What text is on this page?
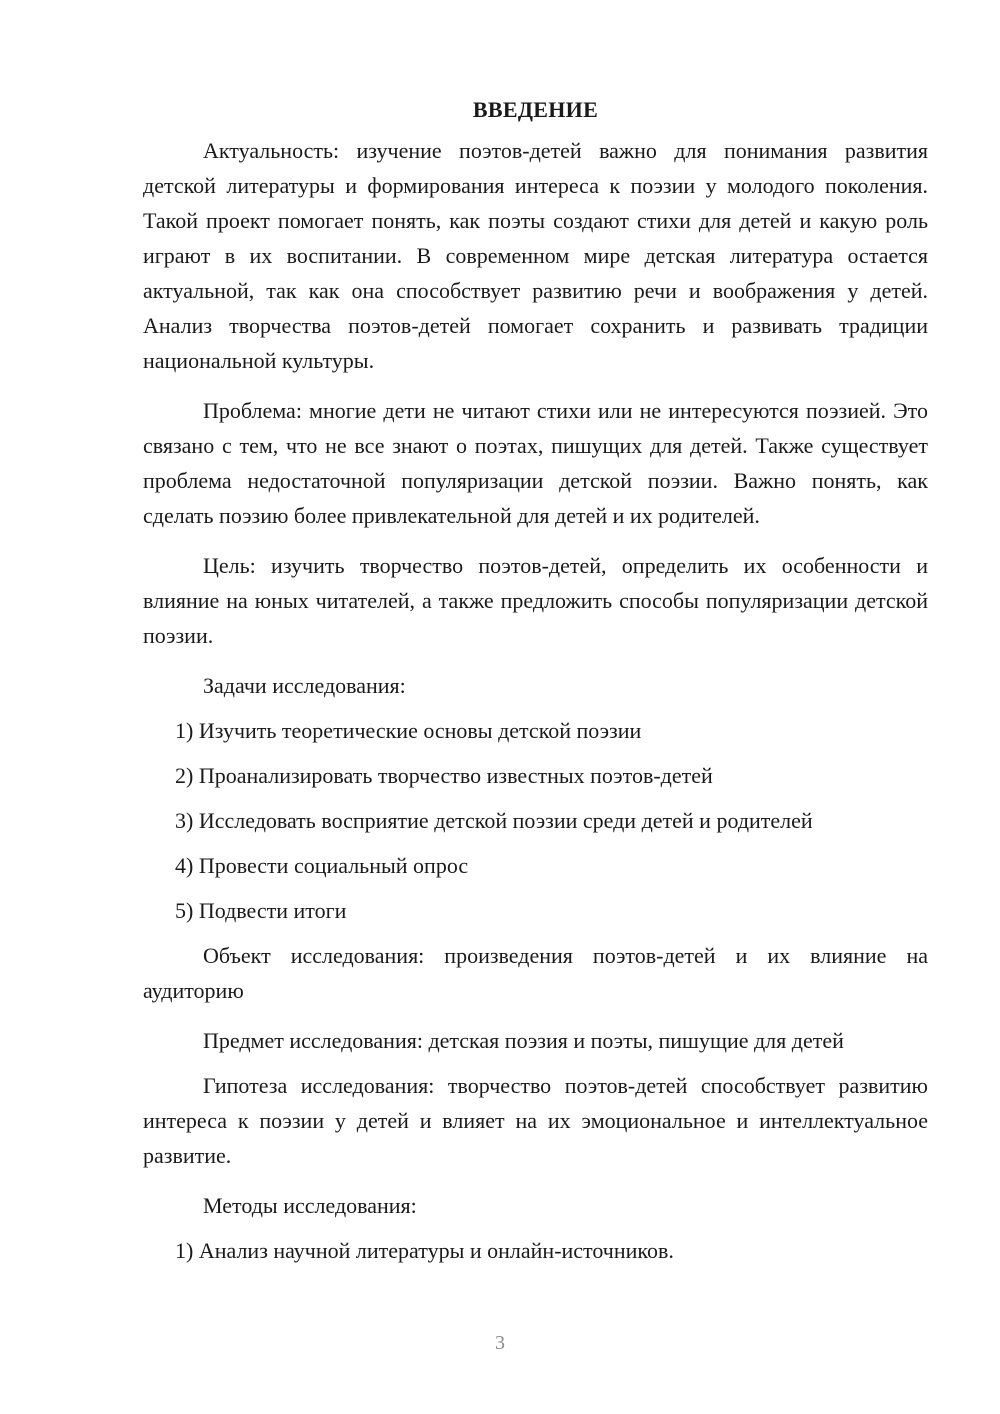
ВВЕДЕНИЕ

Актуальность: изучение поэтов-детей важно для понимания развития детской литературы и формирования интереса к поэзии у молодого поколения. Такой проект помогает понять, как поэты создают стихи для детей и какую роль играют в их воспитании. В современном мире детская литература остается актуальной, так как она способствует развитию речи и воображения у детей. Анализ творчества поэтов-детей помогает сохранить и развивать традиции национальной культуры.

Проблема: многие дети не читают стихи или не интересуются поэзией. Это связано с тем, что не все знают о поэтах, пишущих для детей. Также существует проблема недостаточной популяризации детской поэзии. Важно понять, как сделать поэзию более привлекательной для детей и их родителей.

Цель: изучить творчество поэтов-детей, определить их особенности и влияние на юных читателей, а также предложить способы популяризации детской поэзии.

Задачи исследования:

1) Изучить теоретические основы детской поэзии
2) Проанализировать творчество известных поэтов-детей
3) Исследовать восприятие детской поэзии среди детей и родителей
4) Провести социальный опрос
5) Подвести итоги

Объект исследования: произведения поэтов-детей и их влияние на аудиторию

Предмет исследования: детская поэзия и поэты, пишущие для детей

Гипотеза исследования: творчество поэтов-детей способствует развитию интереса к поэзии у детей и влияет на их эмоциональное и интеллектуальное развитие.

Методы исследования:

1) Анализ научной литературы и онлайн-источников.
3
